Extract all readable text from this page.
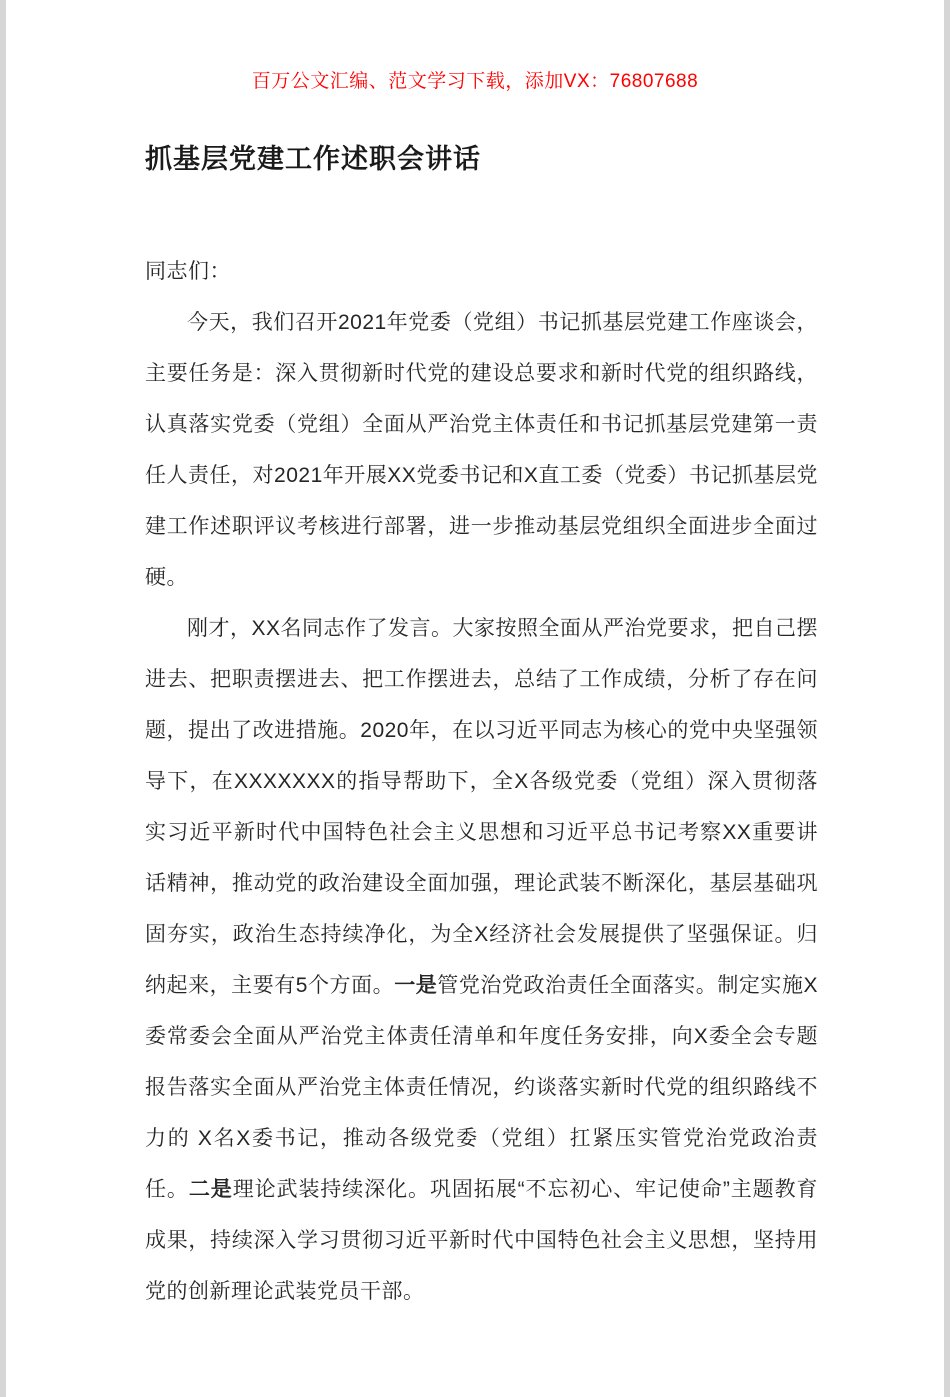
百万公文汇编、范文学习下载，添加VX：76807688
抓基层党建工作述职会讲话

同志们：

今天，我们召开2021年党委（党组）书记抓基层党建工作座谈会，主要任务是：深入贯彻新时代党的建设总要求和新时代党的组织路线，认真落实党委（党组）全面从严治党主体责任和书记抓基层党建第一责任人责任，对2021年开展XX党委书记和X直工委（党委）书记抓基层党建工作述职评议考核进行部署，进一步推动基层党组织全面进步全面过硬。

刚才，XX名同志作了发言。大家按照全面从严治党要求，把自己摆进去、把职责摆进去、把工作摆进去，总结了工作成绩，分析了存在问题，提出了改进措施。2020年，在以习近平同志为核心的党中央坚强领导下，在XXXXXXX的指导帮助下，全X各级党委（党组）深入贯彻落实习近平新时代中国特色社会主义思想和习近平总书记考察XX重要讲话精神，推动党的政治建设全面加强，理论武装不断深化，基层基础巩固夯实，政治生态持续净化，为全X经济社会发展提供了坚强保证。归纳起来，主要有5个方面。一是管党治党政治责任全面落实。制定实施X委常委会全面从严治党主体责任清单和年度任务安排，向X委全会专题报告落实全面从严治党主体责任情况，约谈落实新时代党的组织路线不力的 X名X委书记，推动各级党委（党组）扛紧压实管党治党政治责任。二是理论武装持续深化。巩固拓展“不忘初心、牢记使命”主题教育成果，持续深入学习贯彻习近平新时代中国特色社会主义思想，坚持用党的创新理论武装党员干部。
